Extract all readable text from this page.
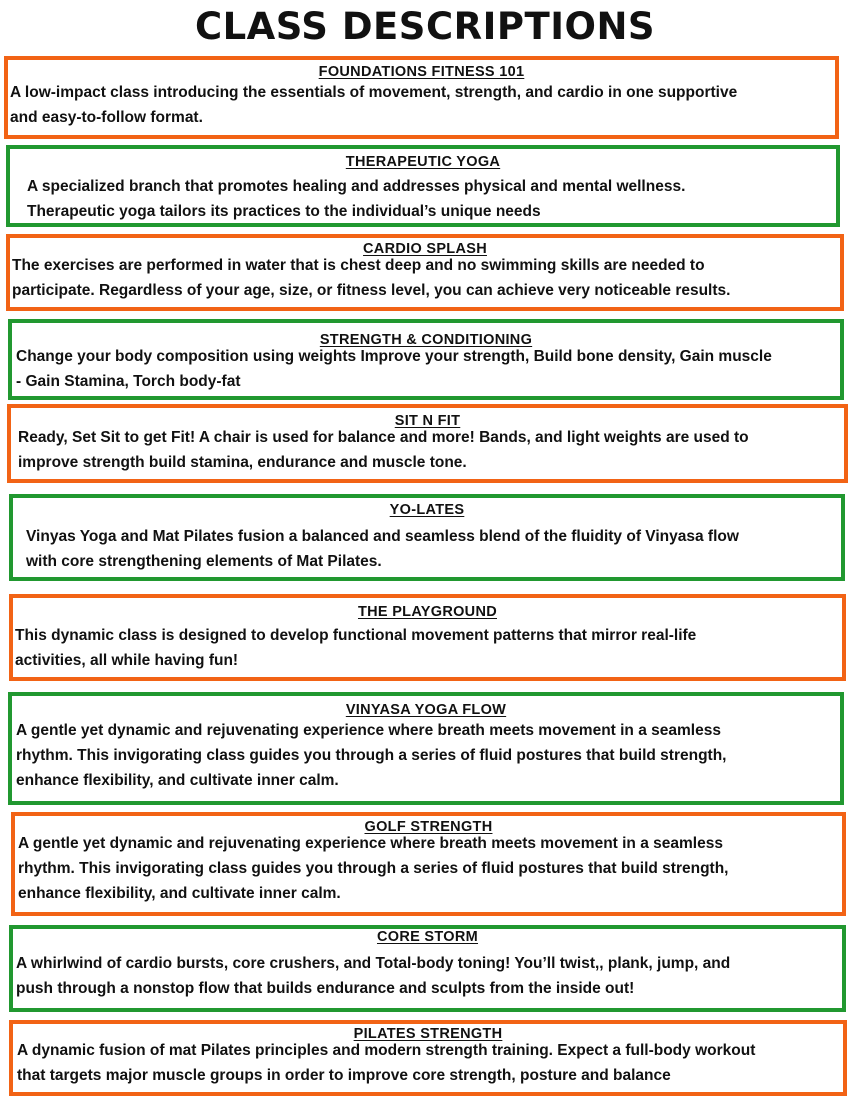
CLASS DESCRIPTIONS
FOUNDATIONS FITNESS 101
A low-impact class introducing the essentials of movement, strength, and cardio in one supportive
and easy-to-follow format.
THERAPEUTIC YOGA
A specialized branch that promotes healing and addresses physical and mental wellness.
Therapeutic yoga tailors its practices to the individual’s unique needs
CARDIO SPLASH
The exercises are performed in water that is chest deep and no swimming skills are needed to
participate. Regardless of your age, size, or fitness level, you can achieve very noticeable results.
STRENGTH & CONDITIONING
Change your body composition using weights Improve your strength, Build bone density, Gain muscle
- Gain Stamina, Torch body-fat
SIT N FIT
Ready, Set Sit to get Fit! A chair is used for balance and more! Bands, and light weights are used to
improve strength build stamina, endurance and muscle tone.
YO-LATES
Vinyas Yoga and Mat Pilates fusion a balanced and seamless blend of the fluidity of Vinyasa flow
with core strengthening elements of Mat Pilates.
THE PLAYGROUND
This dynamic class is designed to develop functional movement patterns that mirror real-life
activities, all while having fun!
VINYASA YOGA FLOW
A gentle yet dynamic and rejuvenating experience where breath meets movement in a seamless
rhythm. This invigorating class guides you through a series of fluid postures that build strength,
enhance flexibility, and cultivate inner calm.
GOLF STRENGTH
A gentle yet dynamic and rejuvenating experience where breath meets movement in a seamless
rhythm. This invigorating class guides you through a series of fluid postures that build strength,
enhance flexibility, and cultivate inner calm.
CORE STORM
A whirlwind of cardio bursts, core crushers, and Total-body toning! You’ll twist,, plank, jump, and
push through a nonstop flow that builds endurance and sculpts from the inside out!
PILATES STRENGTH
A dynamic fusion of mat Pilates principles and modern strength training. Expect a full-body workout
that targets major muscle groups in order to improve core strength, posture and balance
